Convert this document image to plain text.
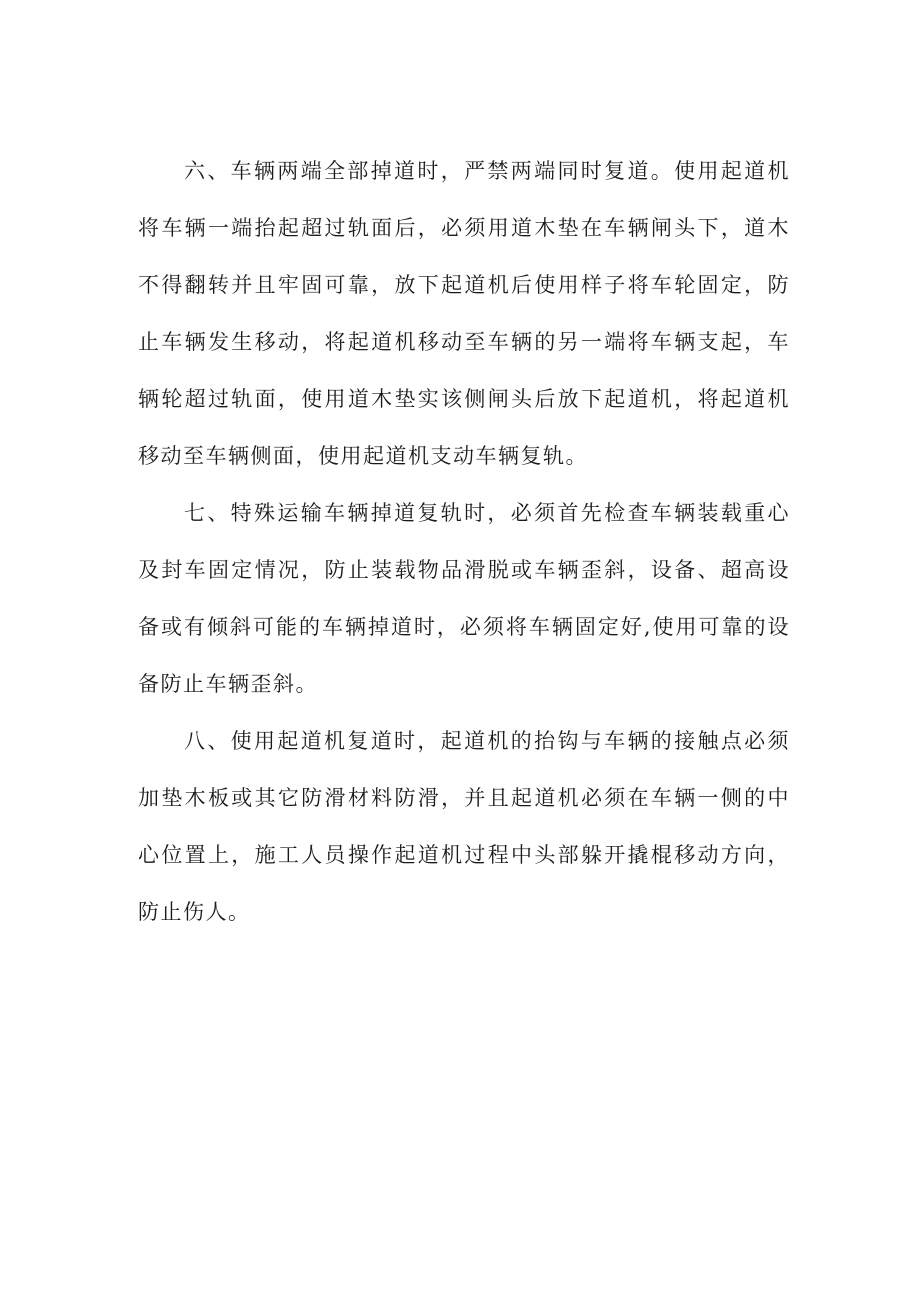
六、车辆两端全部掉道时，严禁两端同时复道。使用起道机将车辆一端抬起超过轨面后，必须用道木垫在车辆闸头下，道木不得翻转并且牢固可靠，放下起道机后使用样子将车轮固定，防止车辆发生移动，将起道机移动至车辆的另一端将车辆支起，车辆轮超过轨面，使用道木垫实该侧闸头后放下起道机，将起道机移动至车辆侧面，使用起道机支动车辆复轨。

七、特殊运输车辆掉道复轨时，必须首先检查车辆装载重心及封车固定情况，防止装载物品滑脱或车辆歪斜，设备、超高设备或有倾斜可能的车辆掉道时，必须将车辆固定好,使用可靠的设备防止车辆歪斜。

八、使用起道机复道时，起道机的抬钩与车辆的接触点必须加垫木板或其它防滑材料防滑，并且起道机必须在车辆一侧的中心位置上，施工人员操作起道机过程中头部躲开撬棍移动方向，防止伤人。
